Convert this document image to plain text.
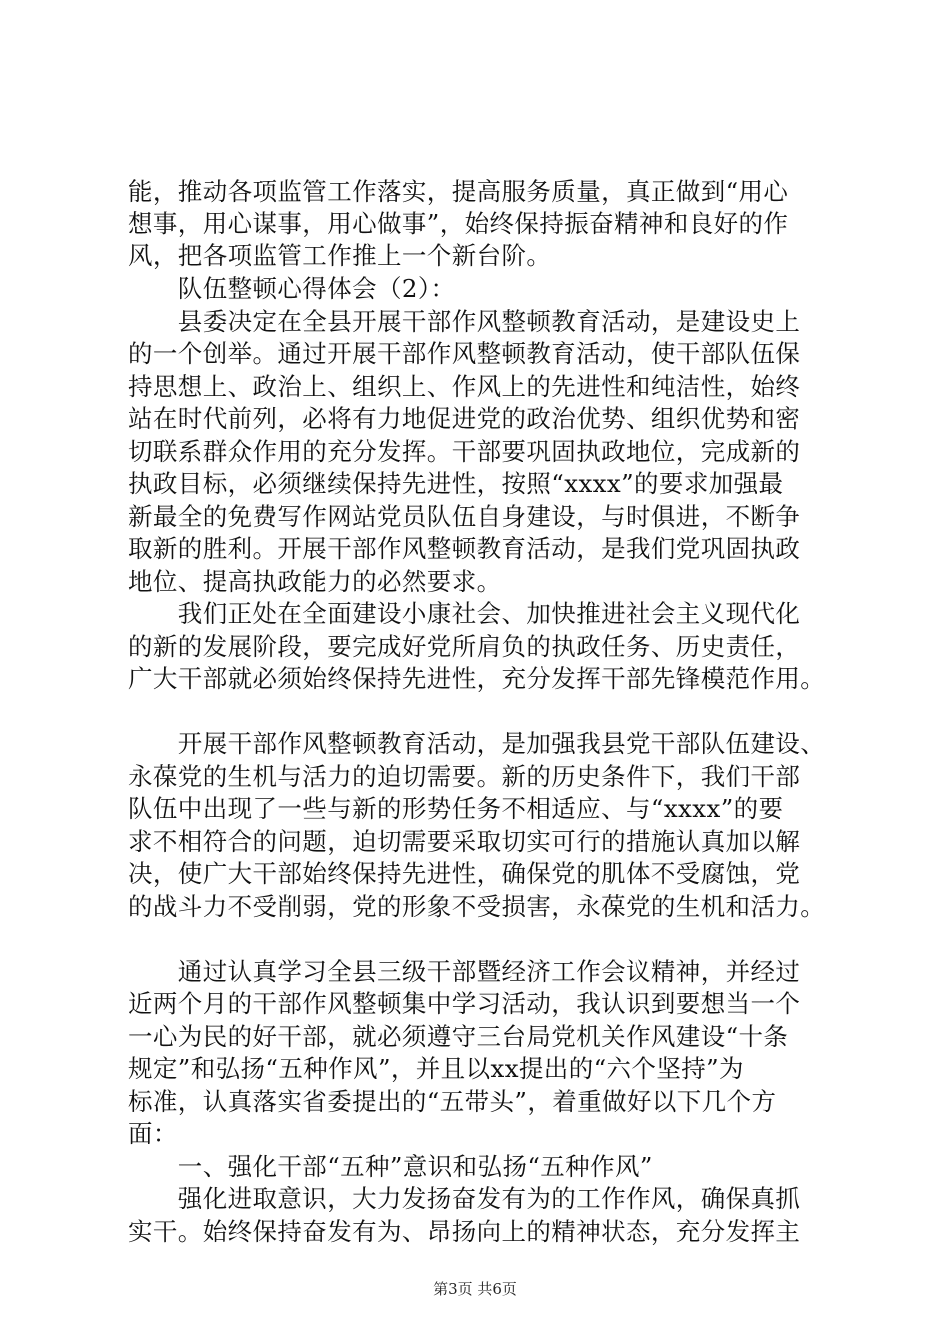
能，推动各项监管工作落实，提高服务质量，真正做到“用心
想事，用心谋事，用心做事”，始终保持振奋精神和良好的作
风，把各项监管工作推上一个新台阶。
　　队伍整顿心得体会（2）：
　　县委决定在全县开展干部作风整顿教育活动，是建设史上
的一个创举。通过开展干部作风整顿教育活动，使干部队伍保
持思想上、政治上、组织上、作风上的先进性和纯洁性，始终
站在时代前列，必将有力地促进党的政治优势、组织优势和密
切联系群众作用的充分发挥。干部要巩固执政地位，完成新的
执政目标，必须继续保持先进性，按照“xxxx”的要求加强最
新最全的免费写作网站党员队伍自身建设，与时俱进，不断争
取新的胜利。开展干部作风整顿教育活动，是我们党巩固执政
地位、提高执政能力的必然要求。
　　我们正处在全面建设小康社会、加快推进社会主义现代化
的新的发展阶段，要完成好党所肩负的执政任务、历史责任，
广大干部就必须始终保持先进性，充分发挥干部先锋模范作用。
　　开展干部作风整顿教育活动，是加强我县党干部队伍建设、
永葆党的生机与活力的迫切需要。新的历史条件下，我们干部
队伍中出现了一些与新的形势任务不相适应、与“xxxx”的要
求不相符合的问题，迫切需要采取切实可行的措施认真加以解
决，使广大干部始终保持先进性，确保党的肌体不受腐蚀，党
的战斗力不受削弱，党的形象不受损害，永葆党的生机和活力。
　　通过认真学习全县三级干部暨经济工作会议精神，并经过
近两个月的干部作风整顿集中学习活动，我认识到要想当一个
一心为民的好干部，就必须遵守三台局党机关作风建设“十条
规定”和弘扬“五种作风”，并且以xx提出的“六个坚持”为
标准，认真落实省委提出的“五带头”，着重做好以下几个方
面：
　　一、强化干部“五种”意识和弘扬“五种作风”
　　强化进取意识，大力发扬奋发有为的工作作风，确保真抓
实干。始终保持奋发有为、昂扬向上的精神状态，充分发挥主
第3页 共6页
